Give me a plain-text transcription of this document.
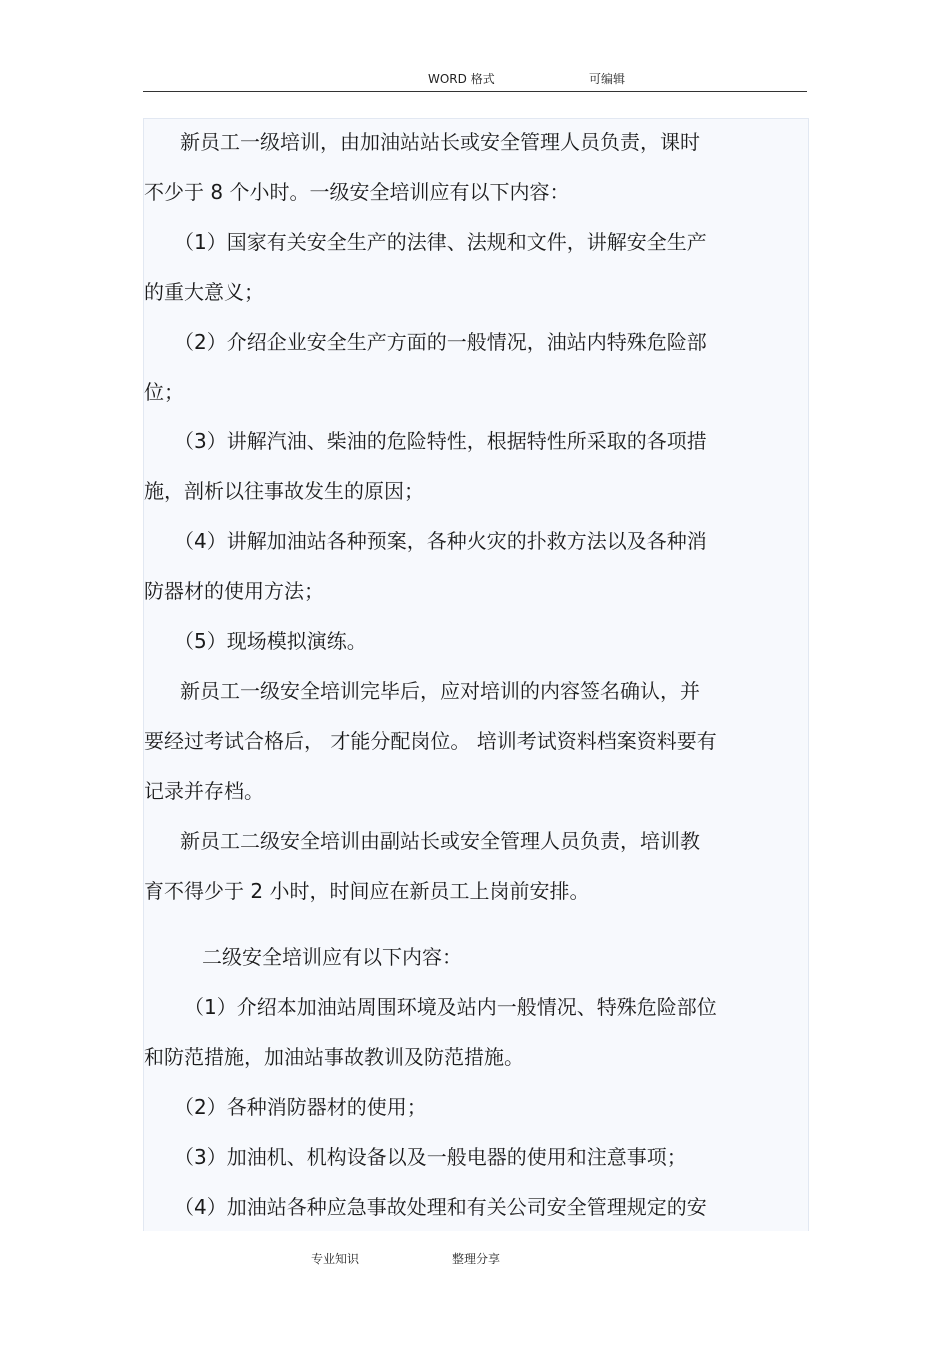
WORD 格式	可编辑
新员工一级培训，由加油站站长或安全管理人员负责，课时
不少于 8 个小时。一级安全培训应有以下内容：
（1）国家有关安全生产的法律、法规和文件，讲解安全生产
的重大意义；
（2）介绍企业安全生产方面的一般情况，油站内特殊危险部
位；
（3）讲解汽油、柴油的危险特性，根据特性所采取的各项措
施，剖析以往事故发生的原因；
（4）讲解加油站各种预案，各种火灾的扑救方法以及各种消
防器材的使用方法；
（5）现场模拟演练。
新员工一级安全培训完毕后，应对培训的内容签名确认，并
要经过考试合格后， 才能分配岗位。 培训考试资料档案资料要有
记录并存档。
新员工二级安全培训由副站长或安全管理人员负责，培训教
育不得少于 2 小时，时间应在新员工上岗前安排。
二级安全培训应有以下内容：
（1）介绍本加油站周围环境及站内一般情况、特殊危险部位
和防范措施，加油站事故教训及防范措施。
（2）各种消防器材的使用；
（3）加油机、机构设备以及一般电器的使用和注意事项；
（4）加油站各种应急事故处理和有关公司安全管理规定的安
专业知识	整理分享
